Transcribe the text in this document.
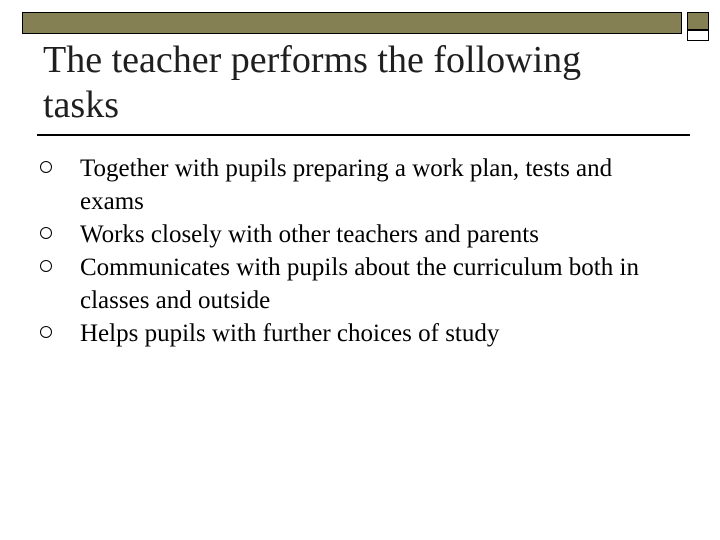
The teacher performs the following tasks
Together with pupils preparing a work plan, tests and exams
Works closely with other teachers and parents
Communicates with pupils about the curriculum both in classes and outside
Helps pupils with further choices of study
